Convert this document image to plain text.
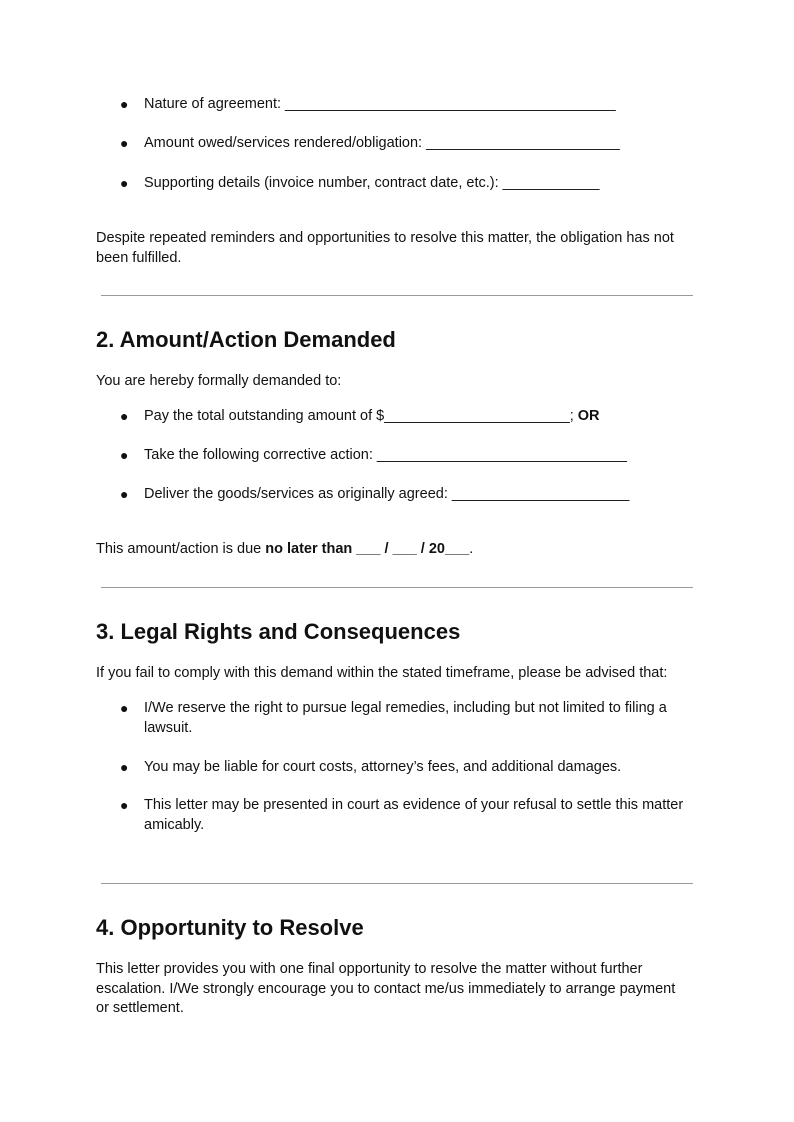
● Nature of agreement: _________________________________________
● Amount owed/services rendered/obligation: ________________________
● Supporting details (invoice number, contract date, etc.): ____________
Despite repeated reminders and opportunities to resolve this matter, the obligation has not been fulfilled.
2. Amount/Action Demanded
You are hereby formally demanded to:
● Pay the total outstanding amount of $_______________________; OR
● Take the following corrective action: _______________________________
● Deliver the goods/services as originally agreed: ______________________
This amount/action is due no later than ___ / ___ / 20___.
3. Legal Rights and Consequences
If you fail to comply with this demand within the stated timeframe, please be advised that:
● I/We reserve the right to pursue legal remedies, including but not limited to filing a lawsuit.
● You may be liable for court costs, attorney’s fees, and additional damages.
● This letter may be presented in court as evidence of your refusal to settle this matter amicably.
4. Opportunity to Resolve
This letter provides you with one final opportunity to resolve the matter without further escalation. I/We strongly encourage you to contact me/us immediately to arrange payment or settlement.
